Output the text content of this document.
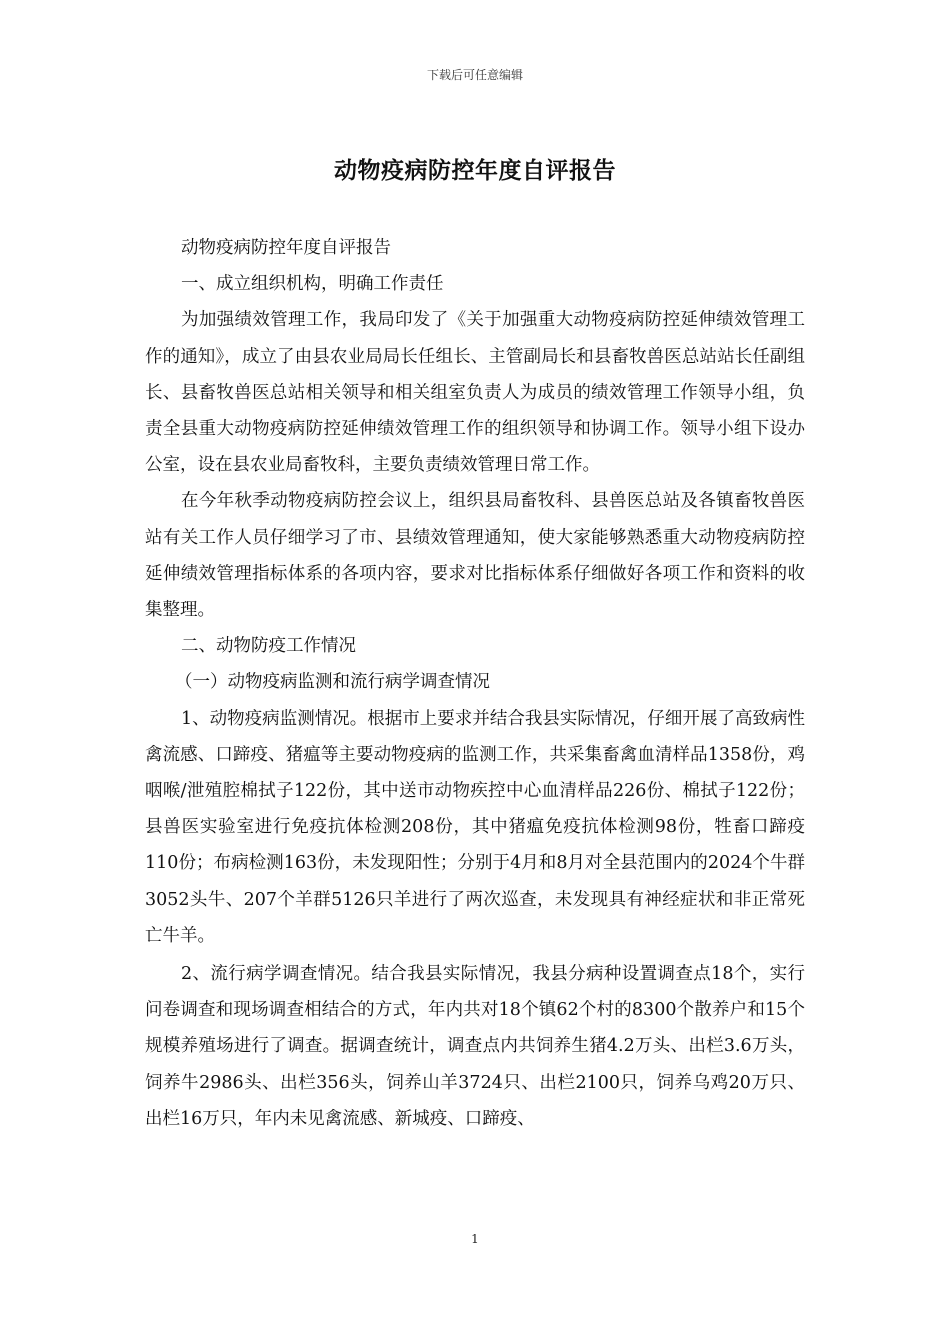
下载后可任意编辑
动物疫病防控年度自评报告

动物疫病防控年度自评报告

一、成立组织机构，明确工作责任

为加强绩效管理工作，我局印发了《关于加强重大动物疫病防控延伸绩效管理工作的通知》，成立了由县农业局局长任组长、主管副局长和县畜牧兽医总站站长任副组长、县畜牧兽医总站相关领导和相关组室负责人为成员的绩效管理工作领导小组，负责全县重大动物疫病防控延伸绩效管理工作的组织领导和协调工作。领导小组下设办公室，设在县农业局畜牧科，主要负责绩效管理日常工作。

在今年秋季动物疫病防控会议上，组织县局畜牧科、县兽医总站及各镇畜牧兽医站有关工作人员仔细学习了市、县绩效管理通知，使大家能够熟悉重大动物疫病防控延伸绩效管理指标体系的各项内容，要求对比指标体系仔细做好各项工作和资料的收集整理。

二、动物防疫工作情况

（一）动物疫病监测和流行病学调查情况

1、动物疫病监测情况。根据市上要求并结合我县实际情况，仔细开展了高致病性禽流感、口蹄疫、猪瘟等主要动物疫病的监测工作，共采集畜禽血清样品1358份，鸡咽喉/泄殖腔棉拭子122份，其中送市动物疾控中心血清样品226份、棉拭子122份；县兽医实验室进行免疫抗体检测208份，其中猪瘟免疫抗体检测98份，牲畜口蹄疫110份；布病检测163份，未发现阳性；分别于4月和8月对全县范围内的2024个牛群3052头牛、207个羊群5126只羊进行了两次巡查，未发现具有神经症状和非正常死亡牛羊。

2、流行病学调查情况。结合我县实际情况，我县分病种设置调查点18个，实行问卷调查和现场调查相结合的方式，年内共对18个镇62个村的8300个散养户和15个规模养殖场进行了调查。据调查统计，调查点内共饲养生猪4.2万头、出栏3.6万头，饲养牛2986头、出栏356头，饲养山羊3724只、出栏2100只，饲养乌鸡20万只、出栏16万只，年内未见禽流感、新城疫、口蹄疫、

1
